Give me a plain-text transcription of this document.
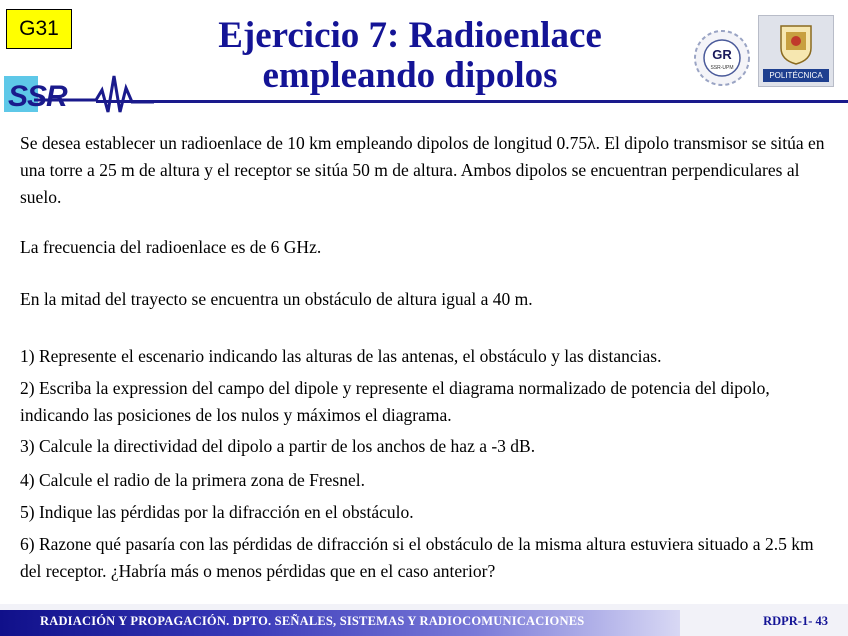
G31
SSR
Ejercicio 7: Radioenlace
empleando dipolos
GR
SSR-UPM
POLITÉCNICA

Se desea establecer un radioenlace de 10 km empleando dipolos de longitud 0.75λ. El dipolo transmisor se sitúa en una torre a 25 m de altura y el receptor se sitúa 50 m de altura. Ambos dipolos se encuentran perpendiculares al suelo.

La frecuencia del radioenlace es de 6 GHz.

En la mitad del trayecto se encuentra un obstáculo de altura igual a 40 m.

1) Represente el escenario indicando las alturas de las antenas, el obstáculo y las distancias.

2) Escriba la expression del campo del dipole y represente el diagrama normalizado de potencia del dipolo, indicando las posiciones de los nulos y máximos el diagrama.

3) Calcule la directividad del dipolo a partir de los anchos de haz a -3 dB.

4) Calcule el radio de la primera zona de Fresnel.

5) Indique las pérdidas por la difracción en el obstáculo.

6) Razone qué pasaría con las pérdidas de difracción si el obstáculo de la misma altura estuviera situado a 2.5 km del receptor. ¿Habría más o menos pérdidas que en el caso anterior?

RADIACIÓN Y PROPAGACIÓN. DPTO. SEÑALES, SISTEMAS Y RADIOCOMUNICACIONES	RDPR-1- 43
